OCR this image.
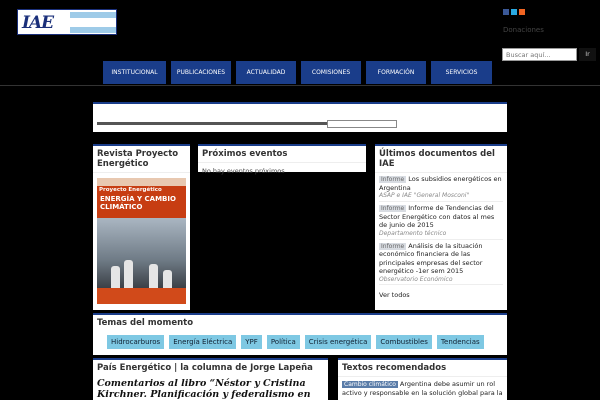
IAE	Donaciones
Buscar aquí...
Ir
INSTITUCIONAL	PUBLICACIONES	ACTUALIDAD	COMISIONES	FORMACIÓN	SERVICIOS
Revista Proyecto Energético
Proyecto Energético
ENERGÍA Y CAMBIO CLIMÁTICO
Próximos eventos
No hay eventos próximos
Últimos documentos del IAE
Informe Los subsidios energéticos en Argentina
ASAP e IAE "General Mosconi"
Informe Informe de Tendencias del Sector Energético con datos al mes de junio de 2015
Departamento técnico
Informe Análisis de la situación económico financiera de las principales empresas del sector energético -1er sem 2015
Observatorio Económico
Ver todos
Temas del momento
Hidrocarburos	Energía Eléctrica	YPF	Política	Crisis energética	Combustibles	Tendencias
País Energético | la columna de Jorge Lapeña
Comentarios al libro “Néstor y Cristina Kirchner. Planificación y federalismo en
Textos recomendados
Cambio climático Argentina debe asumir un rol activo y responsable en la solución global para la
